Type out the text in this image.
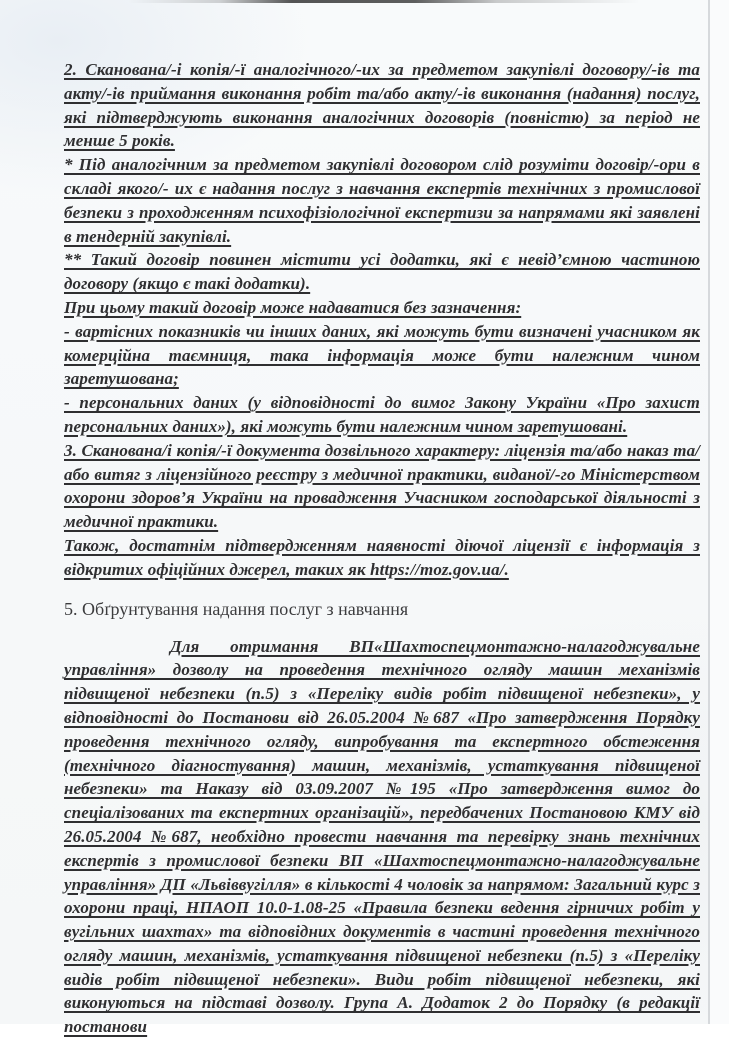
2. Сканована/-і копія/-ї аналогічного/-их за предметом закупівлі договору/-ів та акту/-ів приймання виконання робіт та/або акту/-ів виконання (надання) послуг, які підтверджують виконання аналогічних договорів (повністю) за період не менше 5 років.

* Під аналогічним за предметом закупівлі договором слід розуміти договір/-ори в складі якого/- их є надання послуг з навчання експертів технічних з промислової безпеки з проходженням психофізіологічної експертизи за напрямами які заявлені в тендерній закупівлі.

** Такий договір повинен містити усі додатки, які є невід’ємною частиною договору (якщо є такі додатки).

При цьому такий договір може надаватися без зазначення:

- вартісних показників чи інших даних, які можуть бути визначені учасником як комерційна таємниця, така інформація може бути належним чином заретушована;

- персональних даних (у відповідності до вимог Закону України «Про захист персональних даних»), які можуть бути належним чином заретушовані.

3. Сканована/і копія/-ї документа дозвільного характеру: ліцензія та/або наказ та/або витяг з ліцензійного реєстру з медичної практики, виданої/-го Міністерством охорони здоров’я України на провадження Учасником господарської діяльності з медичної практики.

Також, достатнім підтвердженням наявності діючої ліцензії є інформація з відкритих офіційних джерел, таких як https://moz.gov.ua/.

5. Обґрунтування надання послуг з навчання

Для отримання ВП«Шахтоспецмонтажно-налагоджувальне управління» дозволу на проведення технічного огляду машин механізмів підвищеної небезпеки (п.5) з «Переліку видів робіт підвищеної небезпеки», у відповідності до Постанови від 26.05.2004 №687 «Про затвердження Порядку проведення технічного огляду, випробування та експертного обстеження (технічного діагностування) машин, механізмів, устаткування підвищеної небезпеки» та Наказу від 03.09.2007 №195 «Про затвердження вимог до спеціалізованих та експертних організацій», передбачених Постановою КМУ від 26.05.2004 №687, необхідно провести навчання та перевірку знань технічних експертів з промислової безпеки ВП «Шахтоспецмонтажно-налагоджувальне управління» ДП «Львіввугілля» в кількості 4 чоловік за напрямом: Загальний курс з охорони праці, НПАОП 10.0-1.08-25 «Правила безпеки ведення гірничих робіт у вугільних шахтах» та відповідних документів в частині проведення технічного огляду машин, механізмів, устаткування підвищеної небезпеки (п.5) з «Переліку видів робіт підвищеної небезпеки». Види робіт підвищеної небезпеки, які виконуються на підставі дозволу. Група А. Додаток 2 до Порядку (в редакції постанови
